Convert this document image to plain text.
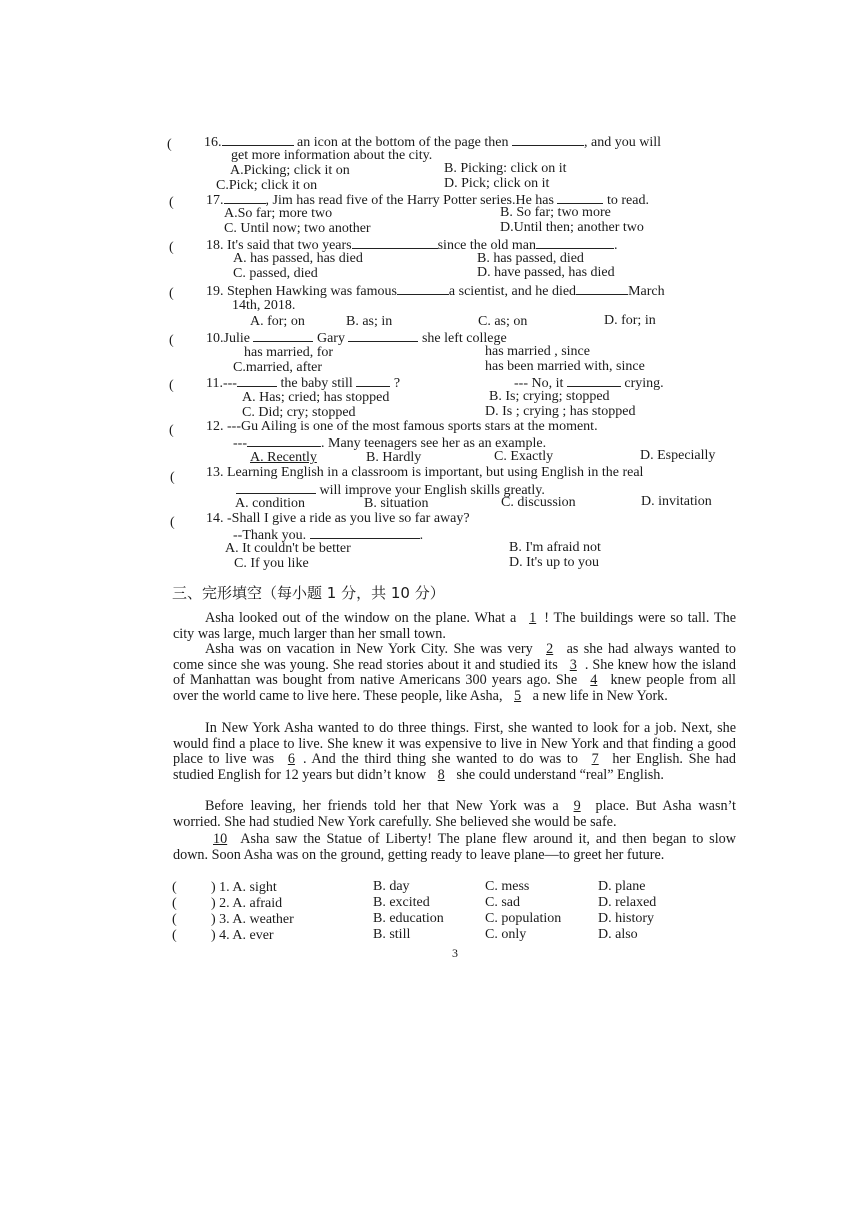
( 16.	an icon at the bottom of the page then	, and you will
get more information about the city.
A.Picking; click it on	B. Picking: click on it
C.Pick; click it on	D. Pick; click on it
( 17.	, Jim has read five of the Harry Potter series.He has	to read.
A.So far; more two	B. So far; two more
C. Until now; two another	D.Until then; another two
( 18. It's said that two years	since the old man	.
A. has passed, has died	B. has passed, died
C. passed, died	D. have passed, has died
( 19. Stephen Hawking was famous	a scientist, and he died	March
14th, 2018.
A. for; on	B. as; in	C. as; on	D. for; in
( 10.Julie	Gary	she left college
has married, for	has married , since
C.married, after	has been married with, since
( 11.---	the baby still	?	--- No, it	crying.
A. Has; cried; has stopped	B. Is; crying; stopped
C. Did; cry; stopped	D. Is ; crying ; has stopped
( 12. ---Gu Ailing is one of the most famous sports stars at the moment.
---	. Many teenagers see her as an example.
A. Recently	B. Hardly	C. Exactly	D. Especially
( 13. Learning English in a classroom is important, but using English in the real
will improve your English skills greatly.
A. condition	B. situation	C. discussion	D. invitation
( 14. -Shall I give a ride as you live so far away?
--Thank you.	.
A. It couldn't be better	B. I'm afraid not
C. If you like	D. It's up to you
三、完形填空（每小题 1 分，共 10 分）
Asha looked out of the window on the plane. What a 1 ! The buildings were so tall. The city was large, much larger than her small town.
Asha was on vacation in New York City. She was very 2 as she had always wanted to come since she was young. She read stories about it and studied its 3 . She knew how the island of Manhattan was bought from native Americans 300 years ago. She 4 knew people from all over the world came to live here. These people, like Asha, 5 a new life in New York.
In New York Asha wanted to do three things. First, she wanted to look for a job. Next, she would find a place to live. She knew it was expensive to live in New York and that finding a good place to live was 6 . And the third thing she wanted to do was to 7 her English. She had studied English for 12 years but didn’t know 8 she could understand “real” English.
Before leaving, her friends told her that New York was a 9 place. But Asha wasn’t worried. She had studied New York carefully. She believed she would be safe.
10 Asha saw the Statue of Liberty! The plane flew around it, and then began to slow down. Soon Asha was on the ground, getting ready to leave plane—to greet her future.
( ) 1. A. sight	B. day	C. mess	D. plane
( ) 2. A. afraid	B. excited	C. sad	D. relaxed
( ) 3. A. weather	B. education	C. population	D. history
( ) 4. A. ever	B. still	C. only	D. also
3
